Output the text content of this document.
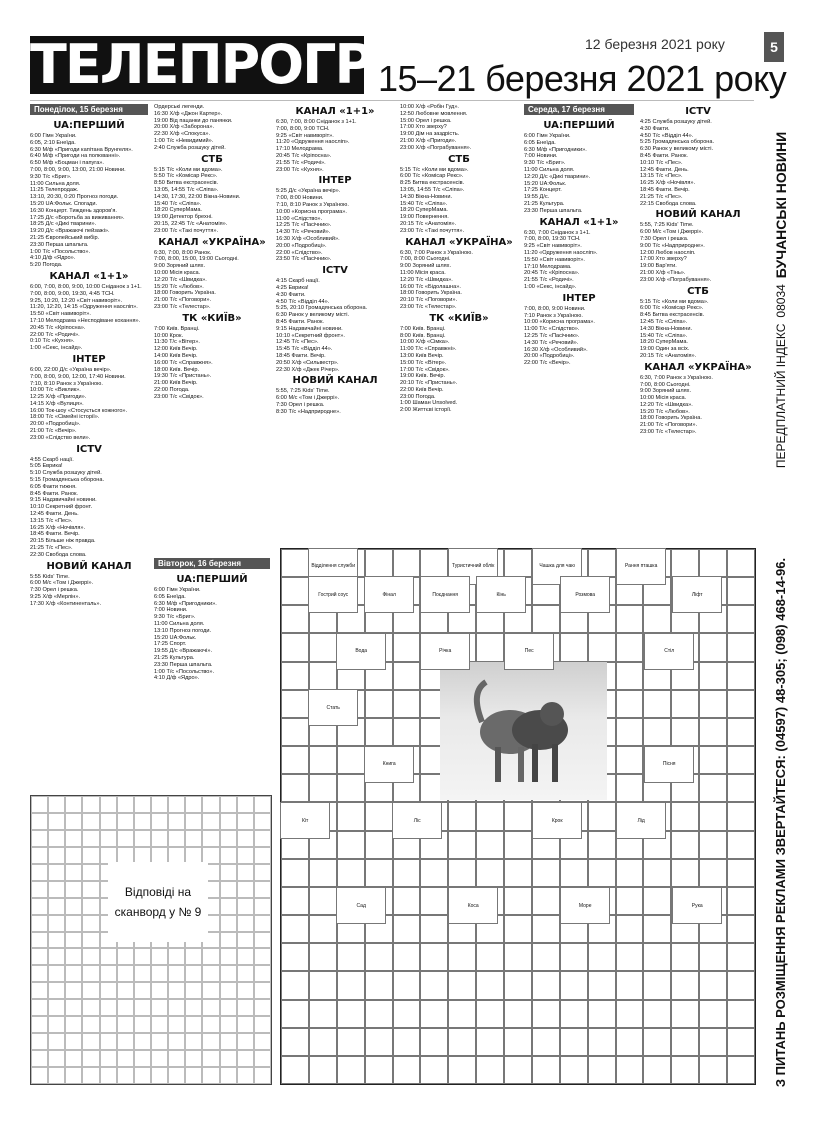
ТЕЛЕПРОГРАМА	12 березня 2021 року	5
15–21 березня 2021 року
ПЕРЕДПЛАТНИЙ ІНДЕКС
08034
БУЧАНСЬКІ НОВИНИ
З ПИТАНЬ РОЗМІЩЕННЯ РЕКЛАМИ ЗВЕРТАЙТЕСЯ: (04597) 48-305; (098) 468-14-96.
Понеділок, 15 березня
UA:ПЕРШИЙ

6:00 Гімн України.

6:05, 2:10 Енеїда.

6:30 М/ф «Пригоди капітана Врунгеля».

6:40 М/ф «Пригоди на полюванні».

6:50 М/ф «Боцман і папуга».

7:00, 8:00, 9:00, 13:00, 21:00 Новини.

9:30 Т/с «Бриг».

11:00 Сильна доля.

11:25 Телепродаж.

13:10, 20:30, 0:20 Прогноз погоди.

15:20 UA:Фольк. Спогади.

16:30 Концерт. Тиждень здоров'я.

17:25 Д/с «Боротьба за виживання».

18:25 Д/с «Дикі тварини».

19:20 Д/с «Вражаючі пейзажі».

21:25 Європейський вибір.

23:30 Перша шпальта.

1:00 Т/с «Посольство».

4:10 Д/ф «Ядро».

5:20 Погода.

КАНАЛ «1+1»

6:00, 7:00, 8:00, 9:00, 10:00 Сніданок з 1+1.

7:00, 8:00, 9:00, 19:30, 4:45 ТСН.

9:25, 10:20, 12:20 «Світ навиворіт».

11:20, 12:20, 14:15 «Одруження наосліп».

15:50 «Світ навиворіт».

17:10 Мелодрама «Несподіване кохання».

20:45 Т/с «Кріпосна».

22:00 Т/с «Родичі».

0:10 Т/с «Кухня».

1:00 «Секс, інсайд».

ІНТЕР

6:00, 22:00 Д/с «Україна вечір».

7:00, 8:00, 9:00, 12:00, 17:40 Новини.

7:10, 8:10 Ранок з Україною.

10:00 Т/с «Виклик».

12:25 Х/ф «Пригоди».

14:15 Х/ф «Вулиця».

16:00 Ток-шоу «Стосується кожного».

18:00 Т/с «Сімейні історії».

20:00 «Подробиці».

21:00 Т/с «Вечір».

23:00 «Слідство вели».

ICTV

4:55 Скарб нації.

5:05 Еврика!

5:10 Служба розшуку дітей.

5:15 Громадянська оборона.

6:05 Факти тижня.

8:45 Факти. Ранок.

9:15 Надзвичайні новини.

10:10 Секретний фронт.

12:45 Факти. День.

13:15 Т/с «Пес».

16:25 Х/ф «Ночівля».

18:45 Факти. Вечір.

20:15 Більше ніж правда.

21:25 Т/с «Пес».

22:30 Свобода слова.

НОВИЙ КАНАЛ

5:55 Kids' Time.

6:00 М/с «Том і Джеррі».

7:30 Орел і решка.

9:25 Х/ф «Мерлін».

17:30 Х/ф «Континенталь».

Ордерські легенди.

16:30 Х/ф «Джон Картер».

19:00 Від пацанки до панянки.

20:00 Х/ф «Заборона».

22:30 Х/ф «Спокуса».

1:00 Т/с «Невидимий».

2:40 Служба розшуку дітей.

СТБ

5:15 Т/с «Коли ми вдома».

5:50 Т/с «Комісар Рекс».

8:50 Битва екстрасенсів.

13:05, 14:55 Т/с «Сліпа».

14:30, 17:30, 22:00 Вікна-Новини.

15:40 Т/с «Сліпа».

18:20 СуперМама.

19:00 Детектор брехні.

20:15, 22:45 Т/с «Анатомія».

23:00 Т/с «Такі почуття».

КАНАЛ «УКРАЇНА»

6:30, 7:00, 8:00 Ранок.

7:00, 8:00, 15:00, 19:00 Сьогодні.

9:00 Зоряний шлях.

10:00 Місія краса.

12:20 Т/с «Швидка».

15:20 Т/с «Любов».

18:00 Говорить Україна.

21:00 Т/с «Поговори».

23:00 Т/с «Телестар».

ТК «КИЇВ»

7:00 Київ. Вранці.

10:00 Крок.

11:30 Т/с «Вітер».

12:00 Київ Вечір.

14:00 Київ Вечір.

16:00 Т/с «Справжня».

18:00 Київ. Вечір.

19:30 Т/с «Пристань».

21:00 Київ Вечір.

22:00 Погода.

23:00 Т/с «Свідок».

Вівторок, 16 березня
UA:ПЕРШИЙ

6:00 Гімн України.

6:05 Енеїда.

6:30 М/ф «Пригодники».

7:00 Новини.

9:30 Т/с «Бриг».

11:00 Сильна доля.

13:10 Прогноз погоди.

15:20 UA:Фольк.

17:25 Спорт.

19:55 Д/с «Вражаючі».

21:25 Культура.

23:30 Перша шпальта.

1:00 Т/с «Посольство».

4:10 Д/ф «Ядро».

КАНАЛ «1+1»

6:30, 7:00, 8:00 Сніданок з 1+1.

7:00, 8:00, 9:00 ТСН.

9:25 «Світ навиворіт».

11:20 «Одруження наосліп».

17:10 Мелодрама.

20:45 Т/с «Кріпосна».

21:55 Т/с «Родичі».

23:00 Т/с «Кухня».

ІНТЕР

5:25 Д/с «Україна вечір».

7:00, 8:00 Новини.

7:10, 8:10 Ранок з Україною.

10:00 «Корисна програма».

11:00 «Слідство».

12:25 Т/с «Пасічник».

14:30 Т/с «Речовий».

16:30 Х/ф «Особливий».

20:00 «Подробиці».

22:00 «Слідство».

23:50 Т/с «Пасічник».

ICTV

4:15 Скарб нації.

4:25 Еврика!

4:30 Факти.

4:50 Т/с «Відділ 44».

5:25, 20:10 Громадянська оборона.

6:30 Ранок у великому місті.

8:45 Факти. Ранок.

9:15 Надзвичайні новини.

10:10 «Секретний фронт».

12:45 Т/с «Пес».

15:45 Т/с «Відділ 44».

18:45 Факти. Вечір.

20:50 Х/ф «Сильвестр».

22:30 Х/ф «Джек Річер».

НОВИЙ КАНАЛ

5:55, 7:25 Kids' Time.

6:00 М/с «Том і Джеррі».

7:30 Орел і решка.

8:30 Т/с «Надприродне».

10:00 Х/ф «Робін Гуд».

12:50 Любовне мовлення.

15:00 Орел і решка.

17:00 Хто зверху?

19:00 Дім на заздрість.

21:00 Х/ф «Пригоди».

23:00 Х/ф «Пограбування».

СТБ

5:15 Т/с «Коли ми вдома».

6:00 Т/с «Комісар Рекс».

8:25 Битва екстрасенсів.

13:05, 14:55 Т/с «Сліпа».

14:30 Вікна-Новини.

15:40 Т/с «Сліпа».

18:20 СуперМама.

19:00 Повернення.

20:15 Т/с «Анатомія».

23:00 Т/с «Такі почуття».

КАНАЛ «УКРАЇНА»

6:30, 7:00 Ранок з Україною.

7:00, 8:00 Сьогодні.

9:00 Зоряний шлях.

11:00 Місія краса.

12:20 Т/с «Швидка».

16:00 Т/с «Бідолашна».

18:00 Говорить Україна.

20:10 Т/с «Поговори».

23:00 Т/с «Телестар».

ТК «КИЇВ»

7:00 Київ. Вранці.

8:00 Київ. Вранці.

10:00 Х/ф «Сімка».

11:00 Т/с «Справжні».

13:00 Київ Вечір.

15:00 Т/с «Вітер».

17:00 Т/с «Свідок».

19:00 Київ. Вечір.

20:10 Т/с «Пристань».

22:00 Київ Вечір.

23:00 Погода.

1:00 Шаман Unsolved.

2:00 Життєві історії.

Середа, 17 березня
UA:ПЕРШИЙ

6:00 Гімн України.

6:05 Енеїда.

6:30 М/ф «Пригодники».

7:00 Новини.

9:30 Т/с «Бриг».

11:00 Сильна доля.

12:20 Д/с «Дикі тварини».

15:20 UA:Фольк.

17:25 Концерт.

19:55 Д/с.

21:25 Культура.

23:30 Перша шпальта.

КАНАЛ «1+1»

6:30, 7:00 Сніданок з 1+1.

7:00, 8:00, 19:30 ТСН.

9:25 «Світ навиворіт».

11:20 «Одруження наосліп».

15:50 «Світ навиворіт».

17:10 Мелодрама.

20:45 Т/с «Кріпосна».

21:55 Т/с «Родичі».

1:00 «Секс, інсайд».

ІНТЕР

7:00, 8:00, 9:00 Новини.

7:10 Ранок з Україною.

10:00 «Корисна програма».

11:00 Т/с «Слідство».

12:25 Т/с «Пасічник».

14:30 Т/с «Речовий».

16:30 Х/ф «Особливий».

20:00 «Подробиці».

22:00 Т/с «Вечір».

ICTV

4:25 Служба розшуку дітей.

4:30 Факти.

4:50 Т/с «Відділ 44».

5:25 Громадянська оборона.

6:30 Ранок у великому місті.

8:45 Факти. Ранок.

10:10 Т/с «Пес».

12:45 Факти. День.

13:15 Т/с «Пес».

16:25 Х/ф «Ночівля».

18:45 Факти. Вечір.

21:25 Т/с «Пес».

22:15 Свобода слова.

НОВИЙ КАНАЛ

5:55, 7:25 Kids' Time.

6:00 М/с «Том і Джеррі».

7:30 Орел і решка.

9:00 Т/с «Надприродне».

12:00 Любов наосліп.

17:00 Хто зверху?

19:00 Вар'яти.

21:00 Х/ф «Тінь».

23:00 Х/ф «Пограбування».

СТБ

5:15 Т/с «Коли ми вдома».

6:00 Т/с «Комісар Рекс».

8:45 Битва екстрасенсів.

12:45 Т/с «Сліпа».

14:30 Вікна-Новини.

15:40 Т/с «Сліпа».

18:20 СуперМама.

19:00 Один за всіх.

20:15 Т/с «Анатомія».

КАНАЛ «УКРАЇНА»

6:30, 7:00 Ранок з Україною.

7:00, 8:00 Сьогодні.

9:00 Зоряний шлях.

10:00 Місія краса.

12:20 Т/с «Швидка».

15:20 Т/с «Любов».

18:00 Говорить Україна.

21:00 Т/с «Поговори».

23:00 Т/с «Телестар».

Відповіді на сканворд у № 9
Відділення служби	Туристичний облік	Чашка для чаю	Рання пташка
Гострий соус	Фінал	Поєднання	Кінь	Розмова	Ліфт
Вода	Річка	Пес	Стіл
Стать
Книга	Пісня
Кіт	Ліс	Крок	Лід
Сад	Коса	Море	Рука
